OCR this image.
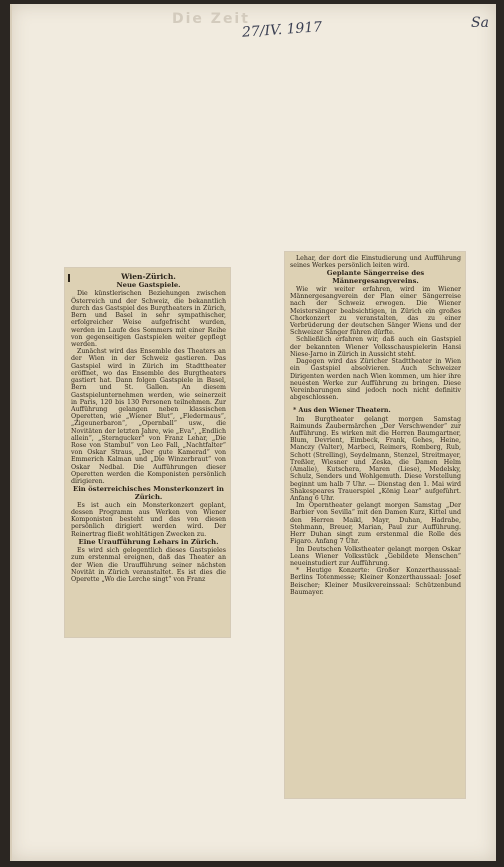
Die Zeit
27/IV. 1917	Sa
Wien-Zürich.
Neue Gastspiele.

Die künstlerischen Beziehungen zwischen Österreich und der Schweiz, die bekanntlich durch das Gastspiel des Burgtheaters in Zürich, Bern und Basel in sehr sympathischer, erfolgreicher Weise aufgefrischt wurden, werden im Laufe des Sommers mit einer Reihe von gegenseitigen Gastspielen weiter gepflegt werden.

Zunächst wird das Ensemble des Theaters an der Wien in der Schweiz gastieren. Das Gastspiel wird in Zürich im Stadttheater eröffnet, wo das Ensemble des Burgtheaters gastiert hat. Dann folgen Gastspiele in Basel, Bern und St. Gallen. An diesem Gastspielunternehmen werden, wie seinerzeit in Paris, 120 bis 130 Personen teilnehmen. Zur Aufführung gelangen neben klassischen Operetten, wie „Wiener Blut“, „Fledermaus“, „Zigeunerbaron“, „Opernball“ usw., die Novitäten der letzten Jahre, wie „Eva“, „Endlich allein“, „Sterngucker“ von Franz Lehar, „Die Rose von Stambul“ von Leo Fall, „Nachtfalter“ von Oskar Straus, „Der gute Kamerad“ von Emmerich Kalman und „Die Winzerbraut“ von Oskar Nedbal. Die Aufführungen dieser Operetten werden die Komponisten persönlich dirigieren.

Ein österreichisches Monsterkonzert in Zürich.

Es ist auch ein Monsterkonzert geplant, dessen Programm aus Werken von Wiener Komponisten besteht und das von diesen persönlich dirigiert werden wird. Der Reinertrag fließt wohltätigen Zwecken zu.

Eine Uraufführung Lehars in Zürich.

Es wird sich gelegentlich dieses Gastspieles zum erstenmal ereignen, daß das Theater an der Wien die Uraufführung seiner nächsten Novität in Zürich veranstaltet. Es ist dies die Operette „Wo die Lerche singt“ von Franz

Lehar, der dort die Einstudierung und Aufführung seines Werkes persönlich leiten wird.

Geplante Sängerreise des Männergesangvereins.

Wie wir weiter erfahren, wird im Wiener Männergesangverein der Plan einer Sängerreise nach der Schweiz erwogen. Die Wiener Meistersänger beabsichtigen, in Zürich ein großes Chorkonzert zu veranstalten, das zu einer Verbrüderung der deutschen Sänger Wiens und der Schweizer Sänger führen dürfte.

Schließlich erfahren wir, daß auch ein Gastspiel der bekannten Wiener Volksschauspielerin Hansi Niese-Jarno in Zürich in Aussicht steht.

Dagegen wird das Züricher Stadttheater in Wien ein Gastspiel absolvieren. Auch Schweizer Dirigenten werden nach Wien kommen, um hier ihre neuesten Werke zur Aufführung zu bringen. Diese Vereinbarungen sind jedoch noch nicht definitiv abgeschlossen.

* Aus den Wiener Theatern.

Im Burgtheater gelangt morgen Samstag Raimunds Zaubermärchen „Der Verschwender“ zur Aufführung. Es wirken mit die Herren Baumgartner, Blum, Devrient, Eimbeck, Frank, Gehes, Heine, Manczy (Valter), Marbeci, Reimers, Romberg, Rub, Schott (Strelling), Seydelmann, Stenzel, Streitmayer, Treßler, Wiesner und Zeska, die Damen Helm (Amalie), Kutschera, Maren (Liese), Medelsky, Schulz, Senders und Wohlgemuth. Diese Vorstellung beginnt um halb 7 Uhr. — Dienstag den 1. Mai wird Shakespeares Trauerspiel „König Lear“ aufgeführt. Anfang 6 Uhr.

Im Operntheater gelangt morgen Samstag „Der Barbier von Sevilla“ mit den Damen Kurz, Kittel und den Herren Maikl, Mayr, Duhan, Hadrabe, Stehmann, Breuer, Marian, Paul zur Aufführung. Herr Duhan singt zum erstenmal die Rolle des Figaro. Anfang 7 Uhr.

Im Deutschen Volkstheater gelangt morgen Oskar Leans Wiener Volksstück „Gebildete Menschen“ neueinstudiert zur Aufführung.

* Heutige Konzerte: Großer Konzerthaussaal: Berlins Totenmesse; Kleiner Konzerthaussaal: Josef Beischer; Kleiner Musikvereinssaal: Schützenbund Baumayer.
